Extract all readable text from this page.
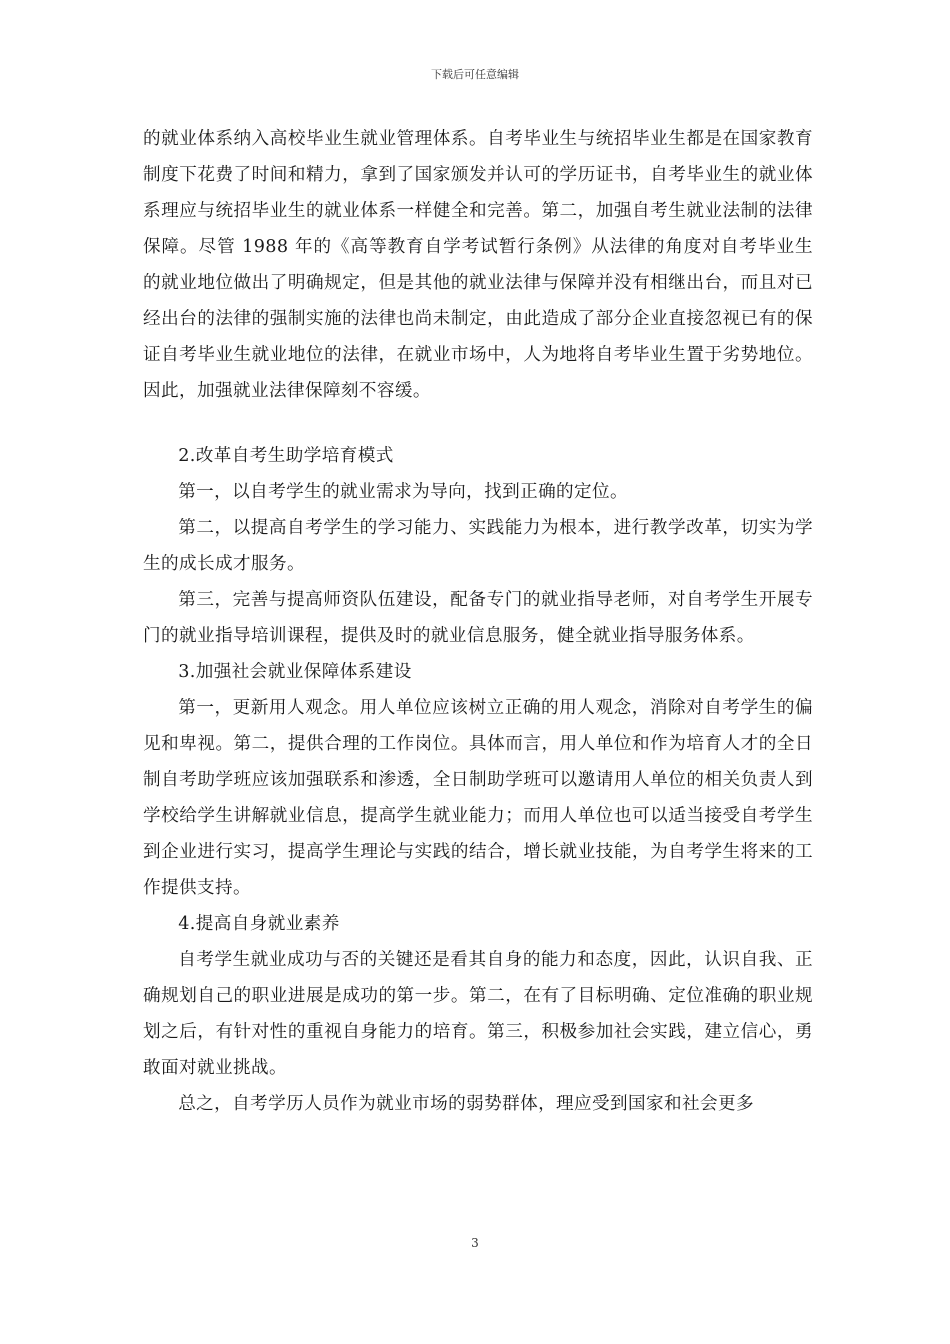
下载后可任意编辑

的就业体系纳入高校毕业生就业管理体系。自考毕业生与统招毕业生都是在国家教育制度下花费了时间和精力，拿到了国家颁发并认可的学历证书，自考毕业生的就业体系理应与统招毕业生的就业体系一样健全和完善。第二，加强自考生就业法制的法律保障。尽管 1988 年的《高等教育自学考试暂行条例》从法律的角度对自考毕业生的就业地位做出了明确规定，但是其他的就业法律与保障并没有相继出台，而且对已经出台的法律的强制实施的法律也尚未制定，由此造成了部分企业直接忽视已有的保证自考毕业生就业地位的法律，在就业市场中，人为地将自考毕业生置于劣势地位。因此，加强就业法律保障刻不容缓。

2.改革自考生助学培育模式

第一，以自考学生的就业需求为导向，找到正确的定位。

第二，以提高自考学生的学习能力、实践能力为根本，进行教学改革，切实为学生的成长成才服务。

第三，完善与提高师资队伍建设，配备专门的就业指导老师，对自考学生开展专门的就业指导培训课程，提供及时的就业信息服务，健全就业指导服务体系。

3.加强社会就业保障体系建设

第一，更新用人观念。用人单位应该树立正确的用人观念，消除对自考学生的偏见和卑视。第二，提供合理的工作岗位。具体而言，用人单位和作为培育人才的全日制自考助学班应该加强联系和渗透，全日制助学班可以邀请用人单位的相关负责人到学校给学生讲解就业信息，提高学生就业能力；而用人单位也可以适当接受自考学生到企业进行实习，提高学生理论与实践的结合，增长就业技能，为自考学生将来的工作提供支持。

4.提高自身就业素养

自考学生就业成功与否的关键还是看其自身的能力和态度，因此，认识自我、正确规划自己的职业进展是成功的第一步。第二，在有了目标明确、定位准确的职业规划之后，有针对性的重视自身能力的培育。第三，积极参加社会实践，建立信心，勇敢面对就业挑战。

总之，自考学历人员作为就业市场的弱势群体，理应受到国家和社会更多

3
